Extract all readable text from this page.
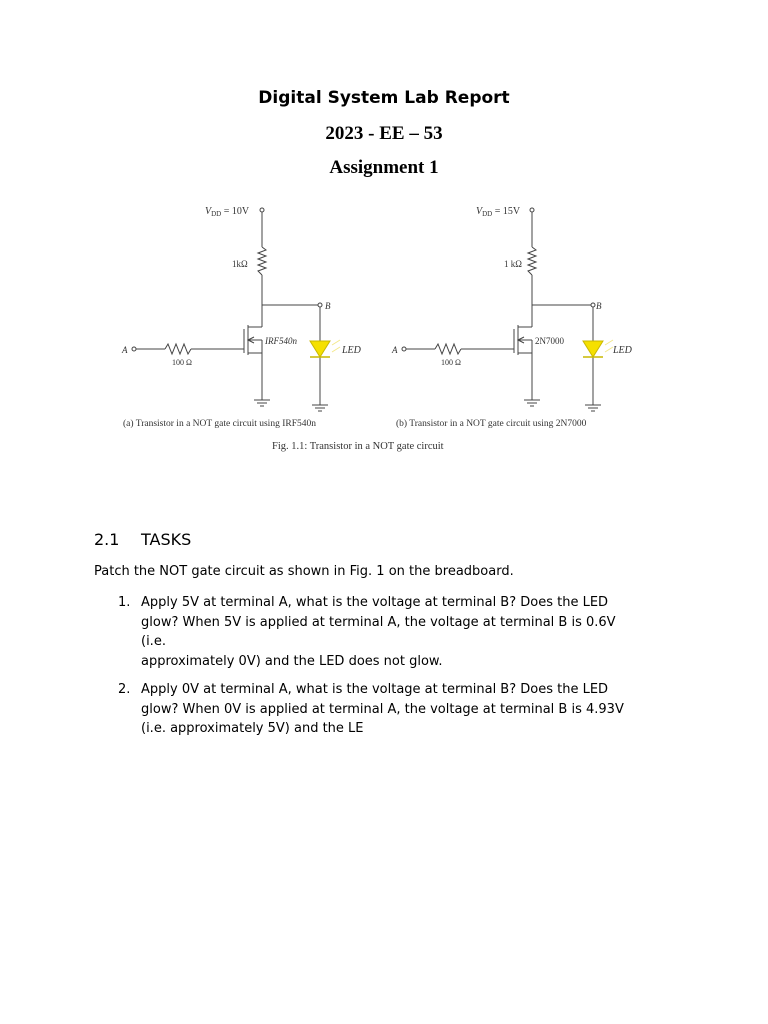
Digital System Lab Report
2023 - EE – 53
Assignment 1
$V_{DD} = 10V$
1kΩ
B
IRF540n
LED
A
100 Ω
(a) Transistor in a NOT gate circuit using IRF540n
$V_{DD} = 15V$
1 kΩ
B
2N7000
LED
A
100 Ω
(b) Transistor in a NOT gate circuit using 2N7000
Fig. 1.1: Transistor in a NOT gate circuit
2.1 TASKS
Patch the NOT gate circuit as shown in Fig. 1 on the breadboard.
1. Apply 5V at terminal A, what is the voltage at terminal B? Does the LED
glow? When 5V is applied at terminal A, the voltage at terminal B is 0.6V (i.e.
approximately 0V) and the LED does not glow.
2. Apply 0V at terminal A, what is the voltage at terminal B? Does the LED
glow? When 0V is applied at terminal A, the voltage at terminal B is 4.93V
(i.e. approximately 5V) and the LE
